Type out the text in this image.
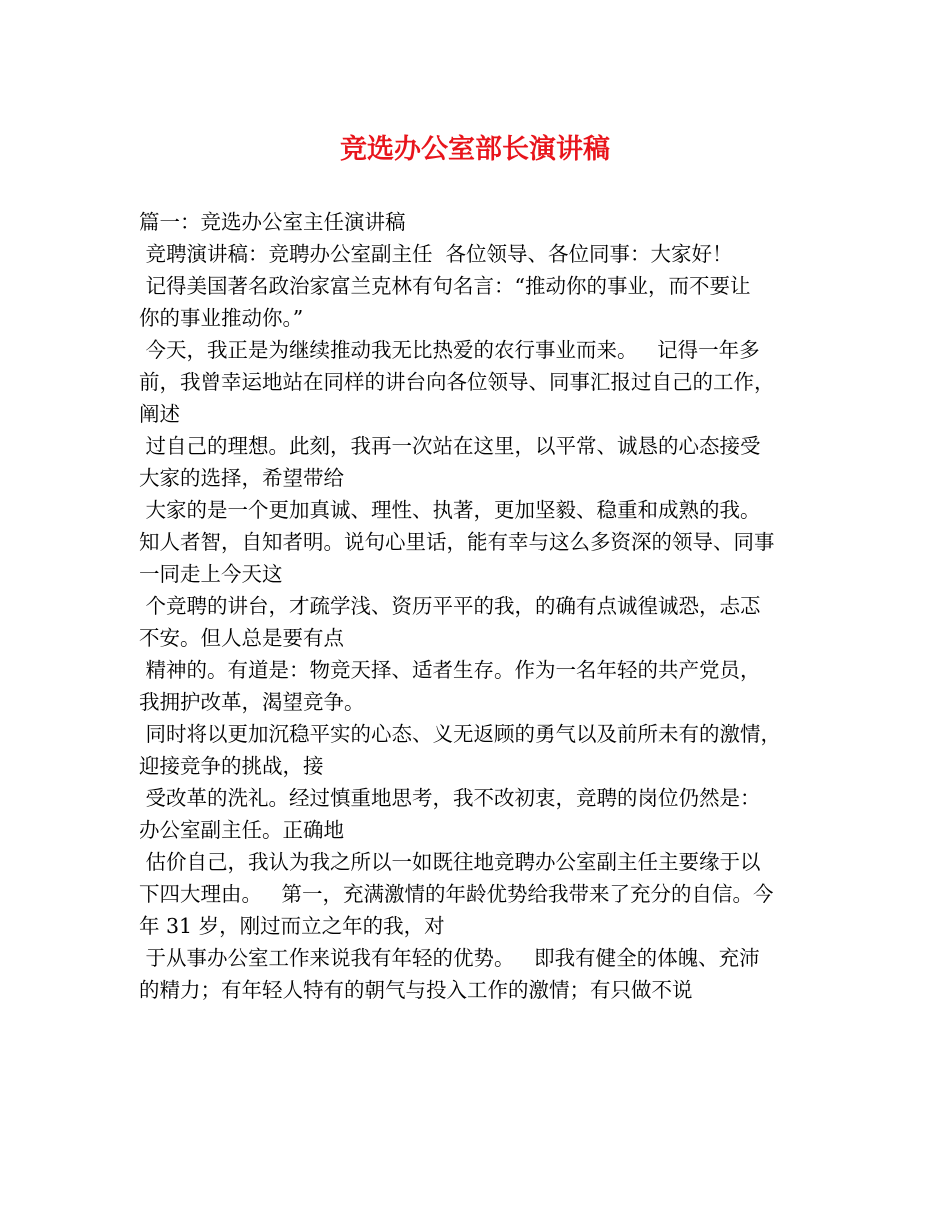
竞选办公室部长演讲稿
篇一：竞选办公室主任演讲稿
竞聘演讲稿：竞聘办公室副主任  各位领导、各位同事：大家好！
记得美国著名政治家富兰克林有句名言：“推动你的事业，而不要让
你的事业推动你。”
今天，我正是为继续推动我无比热爱的农行事业而来。   记得一年多
前，我曾幸运地站在同样的讲台向各位领导、同事汇报过自己的工作，
阐述
过自己的理想。此刻，我再一次站在这里，以平常、诚恳的心态接受
大家的选择，希望带给
大家的是一个更加真诚、理性、执著，更加坚毅、稳重和成熟的我。
知人者智，自知者明。说句心里话，能有幸与这么多资深的领导、同事
一同走上今天这
个竞聘的讲台，才疏学浅、资历平平的我，的确有点诚徨诚恐，忐忑
不安。但人总是要有点
精神的。有道是：物竞天择、适者生存。作为一名年轻的共产党员，
我拥护改革，渴望竞争。
同时将以更加沉稳平实的心态、义无返顾的勇气以及前所未有的激情，
迎接竞争的挑战，接
受改革的洗礼。经过慎重地思考，我不改初衷，竞聘的岗位仍然是：
办公室副主任。正确地
估价自己，我认为我之所以一如既往地竞聘办公室副主任主要缘于以
下四大理由。   第一，充满激情的年龄优势给我带来了充分的自信。今
年 31 岁，刚过而立之年的我，对
于从事办公室工作来说我有年轻的优势。   即我有健全的体魄、充沛
的精力；有年轻人特有的朝气与投入工作的激情；有只做不说
